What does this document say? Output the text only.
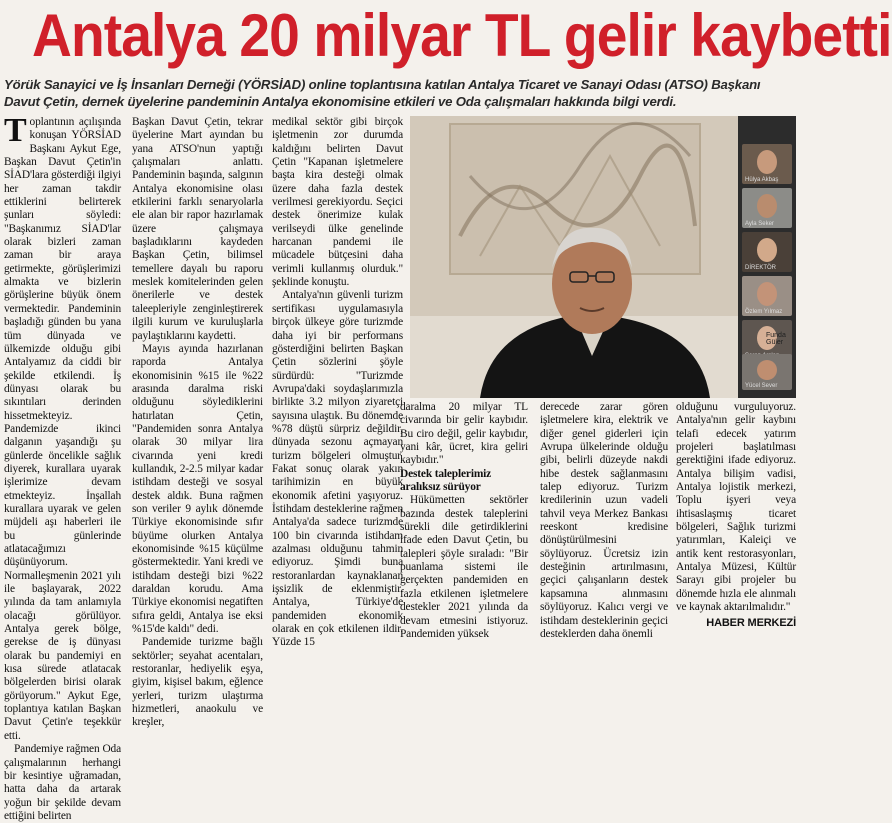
Antalya 20 milyar TL gelir kaybetti

Yörük Sanayici ve İş İnsanları Derneği (YÖRSİAD) online toplantısına katılan Antalya Ticaret ve Sanayi Odası (ATSO) Başkanı Davut Çetin, dernek üyelerine pandeminin Antalya ekonomisine etkileri ve Oda çalışmaları hakkında bilgi verdi.

Toplantının açılışında konuşan YÖRSİAD Başkanı Aykut Ege, Başkan Davut Çetin'in SİAD'lara gösterdiği ilgiyi her zaman takdir ettiklerini belirterek şunları söyledi: "Başkanımız SİAD'lar olarak bizleri zaman zaman bir araya getirmekte, görüşlerimizi almakta ve bizlerin görüşlerine büyük önem vermektedir. Pandeminin başladığı günden bu yana tüm dünyada ve ülkemizde olduğu gibi Antalyamız da ciddi bir şekilde etkilendi. İş dünyası olarak bu sıkıntıları derinden hissetmekteyiz. Pandemizde ikinci dalganın yaşandığı şu günlerde öncelikle sağlık diyerek, kurallara uyarak işlerimize devam etmekteyiz. İnşallah kurallara uyarak ve gelen müjdeli aşı haberleri ile bu günlerinde atlatacağımızı düşünüyorum. Normalleşmenin 2021 yılı ile başlayarak, 2022 yılında da tam anlamıyla olacağı görülüyor. Antalya gerek bölge, gerekse de iş dünyası olarak bu pandemiyi en kısa sürede atlatacak bölgelerden birisi olarak görüyorum." Aykut Ege, toplantıya katılan Başkan Davut Çetin'e teşekkür etti.

Pandemiye rağmen Oda çalışmalarının herhangi bir kesintiye uğramadan, hatta daha da artarak yoğun bir şekilde devam ettiğini belirten

Başkan Davut Çetin, tekrar üyelerine Mart ayından bu yana ATSO'nun yaptığı çalışmaları anlattı. Pandeminin başında, salgının Antalya ekonomisine olası etkilerini farklı senaryolarla ele alan bir rapor hazırlamak üzere çalışmaya başladıklarını kaydeden Başkan Çetin, bilimsel temellere dayalı bu raporu meslek komitelerinden gelen önerilerle ve destek taleepleriyle zenginleştirerek ilgili kurum ve kuruluşlarla paylaştıklarını kaydetti.

Mayıs ayında hazırlanan raporda Antalya ekonomisinin %15 ile %22 arasında daralma riski olduğunu söylediklerini hatırlatan Çetin, "Pandemiden sonra Antalya olarak 30 milyar lira civarında yeni kredi kullandık, 2-2.5 milyar kadar istihdam desteği ve sosyal destek aldık. Buna rağmen son veriler 9 aylık dönemde Türkiye ekonomisinde sıfır büyüme olurken Antalya ekonomisinde %15 küçülme göstermektedir. Yani kredi ve istihdam desteği bizi %22 daraldan korudu. Ama Türkiye ekonomisi negatiften sıfıra geldi, Antalya ise eksi %15'de kaldı" dedi.

Pandemide turizme bağlı sektörler; seyahat acentaları, restoranlar, hediyelik eşya, giyim, kişisel bakım, eğlence yerleri, turizm ulaştırma hizmetleri, anaokulu ve kreşler,

medikal sektör gibi birçok işletmenin zor durumda kaldığını belirten Davut Çetin "Kapanan işletmelere başta kira desteği olmak üzere daha fazla destek verilmesi gerekiyordu. Seçici destek önerimize kulak verilseydi ülke genelinde harcanan pandemi ile mücadele bütçesini daha verimli kullanmış olurduk." şeklinde konuştu.

Antalya'nın güvenli turizm sertifikası uygulamasıyla birçok ülkeye göre turizmde daha iyi bir performans gösterdiğini belirten Başkan Çetin sözlerini şöyle sürdürdü: "Turizmde Avrupa'daki soydaşlarımızla birlikte 3.2 milyon ziyaretçi sayısına ulaştık. Bu dönemde %78 düştü sürpriz değildir, dünyada sezonu açmayan turizm bölgeleri olmuştur. Fakat sonuç olarak yakın tarihimizin en büyük ekonomik afetini yaşıyoruz. İstihdam desteklerine rağmen Antalya'da sadece turizmde 100 bin civarında istihdam azalması olduğunu tahmin ediyoruz. Şimdi buna restoranlardan kaynaklanan işsizlik de eklenmiştir. Antalya, Türkiye'de pandemiden ekonomik olarak en çok etkilenen ildir. Yüzde 15

Hülya Akbaş
Ayla Seker
DİREKTÖR
Özlem Yılmaz
Yücel Sever
Funda Güler

daralma 20 milyar TL civarında bir gelir kaybıdır. Bu ciro değil, gelir kaybıdır, yani kâr, ücret, kira geliri kaybıdır."

Destek taleplerimiz

aralıksız sürüyor

Hükümetten sektörler bazında destek taleplerini sürekli dile getirdiklerini ifade eden Davut Çetin, bu talepleri şöyle sıraladı: "Bir puanlama sistemi ile gerçekten pandemiden en fazla etkilenen işletmelere destekler 2021 yılında da devam etmesini istiyoruz. Pandemiden yüksek

derecede zarar gören işletmelere kira, elektrik ve diğer genel giderleri için Avrupa ülkelerinde olduğu gibi, belirli düzeyde nakdi hibe destek sağlanmasını talep ediyoruz. Turizm kredilerinin uzun vadeli tahvil veya Merkez Bankası reeskont kredisine dönüştürülmesini söylüyoruz. Ücretsiz izin desteğinin artırılmasını, geçici çalışanların destek kapsamına alınmasını söylüyoruz. Kalıcı vergi ve istihdam desteklerinin geçici desteklerden daha önemli

olduğunu vurguluyoruz. Antalya'nın gelir kaybını telafi edecek yatırım projeleri başlatılması gerektiğini ifade ediyoruz. Antalya bilişim vadisi, Antalya lojistik merkezi, Toplu işyeri veya ihtisaslaşmış ticaret bölgeleri, Sağlık turizmi yatırımları, Kaleiçi ve antik kent restorasyonları, Antalya Müzesi, Kültür Sarayı gibi projeler bu dönemde hızla ele alınmalı ve kaynak aktarılmalıdır."

HABER MERKEZİ
